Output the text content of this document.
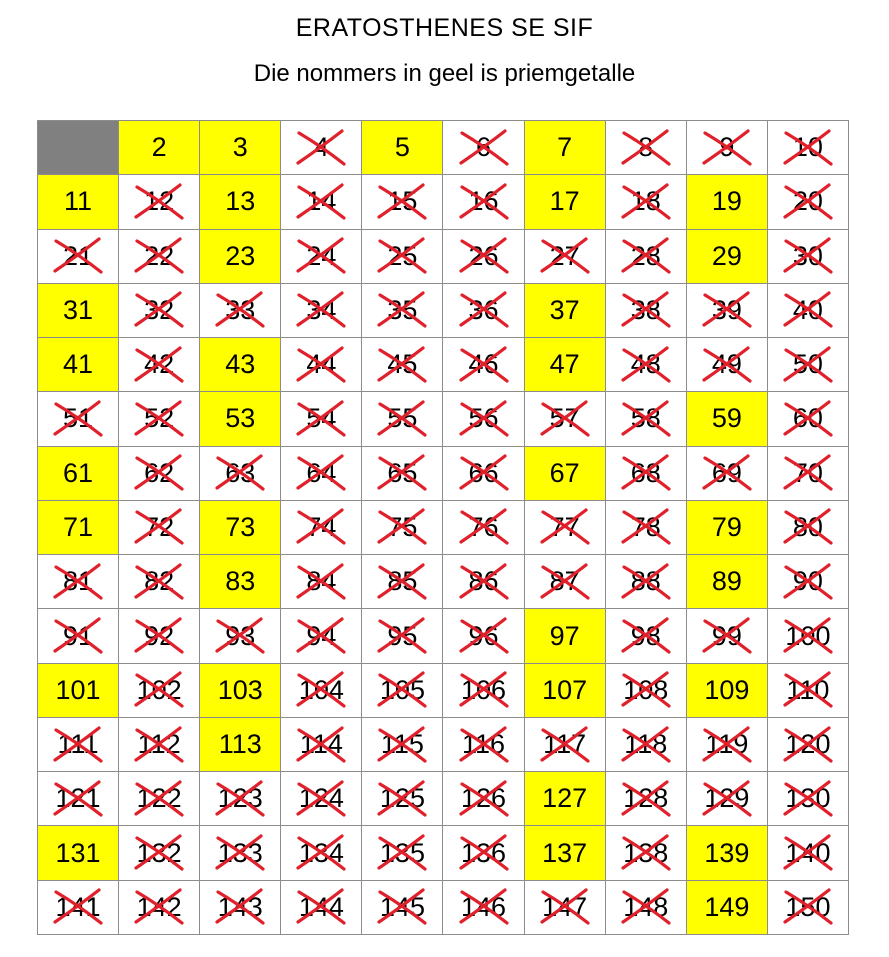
ERATOSTHENES SE SIF
Die nommers in geel is priemgetalle
2 3 4 5 6 7 8 9 10
11 12 13 14 15 16 17 18 19 20
21 22 23 24 25 26 27 28 29 30
31 32 33 34 35 36 37 38 39 40
41 42 43 44 45 46 47 48 49 50
51 52 53 54 55 56 57 58 59 60
61 62 63 64 65 66 67 68 69 70
71 72 73 74 75 76 77 78 79 80
81 82 83 84 85 86 87 88 89 90
91 92 93 94 95 96 97 98 99 100
101 102 103 104 105 106 107 108 109 110
111 112 113 114 115 116 117 118 119 120
121 122 123 124 125 126 127 128 129 130
131 132 133 134 135 136 137 138 139 140
141 142 143 144 145 146 147 148 149 150
